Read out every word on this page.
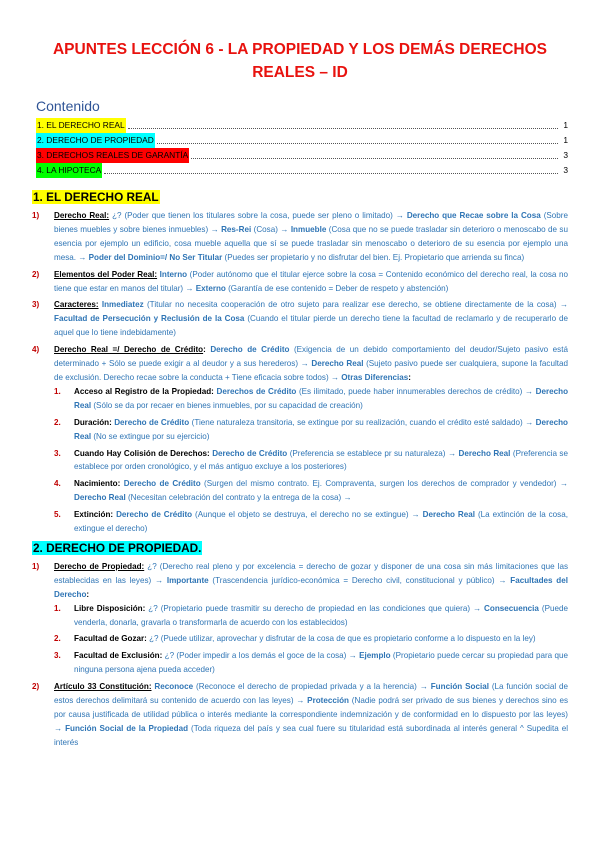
APUNTES LECCIÓN 6 - LA PROPIEDAD Y LOS DEMÁS DERECHOS REALES – ID
Contenido
1. EL DERECHO REAL	1
2. DERECHO DE PROPIEDAD	1
3. DERECHOS REALES DE GARANTÍA	3
4. LA HIPOTECA	3
1. EL DERECHO REAL
1)	Derecho Real: ¿? (Poder que tienen los titulares sobre la cosa, puede ser pleno o limitado) → Derecho que Recae sobre la Cosa (Sobre bienes muebles y sobre bienes inmuebles) → Res-Rei (Cosa) → Inmueble (Cosa que no se puede trasladar sin deterioro o menoscabo de su esencia por ejemplo un edificio, cosa mueble aquella que sí se puede trasladar sin menoscabo o deterioro de su esencia por ejemplo una mesa. → Poder del Dominio=/ No Ser Titular (Puedes ser propietario y no disfrutar del bien. Ej. Propietario que arrienda su finca)
2)	Elementos del Poder Real: Interno (Poder autónomo que el titular ejerce sobre la cosa = Contenido económico del derecho real, la cosa no tiene que estar en manos del titular) → Externo (Garantía de ese contenido = Deber de respeto y abstención)
3)	Caracteres: Inmediatez (Titular no necesita cooperación de otro sujeto para realizar ese derecho, se obtiene directamente de la cosa) → Facultad de Persecución y Reclusión de la Cosa (Cuando el titular pierde un derecho tiene la facultad de reclamarlo y de recuperarlo de aquel que lo tiene indebidamente)
4)	Derecho Real =/ Derecho de Crédito: Derecho de Crédito (Exigencia de un debido comportamiento del deudor/Sujeto pasivo está determinado + Sólo se puede exigir a al deudor y a sus herederos) → Derecho Real (Sujeto pasivo puede ser cualquiera, supone la facultad de exclusión. Derecho recae sobre la conducta + Tiene eficacia sobre todos) → Otras Diferencias:
1.	Acceso al Registro de la Propiedad: Derechos de Crédito (Es ilimitado, puede haber innumerables derechos de crédito) → Derecho Real (Sólo se da por recaer en bienes inmuebles, por su capacidad de creación)
2.	Duración: Derecho de Crédito (Tiene naturaleza transitoria, se extingue por su realización, cuando el crédito esté saldado) → Derecho Real (No se extingue por su ejercicio)
3.	Cuando Hay Colisión de Derechos: Derecho de Crédito (Preferencia se establece pr su naturaleza) → Derecho Real (Preferencia se establece por orden cronológico, y el más antiguo excluye a los posteriores)
4.	Nacimiento: Derecho de Crédito (Surgen del mismo contrato. Ej. Compraventa, surgen los derechos de comprador y vendedor) → Derecho Real (Necesitan celebración del contrato y la entrega de la cosa) →
5.	Extinción: Derecho de Crédito (Aunque el objeto se destruya, el derecho no se extingue) → Derecho Real (La extinción de la cosa, extingue el derecho)
2. DERECHO DE PROPIEDAD.
1)	Derecho de Propiedad: ¿? (Derecho real pleno y por excelencia = derecho de gozar y disponer de una cosa sin más limitaciones que las establecidas en las leyes) → Importante (Trascendencia jurídico-económica = Derecho civil, constitucional y público) → Facultades del Derecho:
1.	Libre Disposición: ¿? (Propietario puede trasmitir su derecho de propiedad en las condiciones que quiera) → Consecuencia (Puede venderla, donarla, gravarla o transformarla de acuerdo con los establecidos)
2.	Facultad de Gozar: ¿? (Puede utilizar, aprovechar y disfrutar de la cosa de que es propietario conforme a lo dispuesto en la ley)
3.	Facultad de Exclusión: ¿? (Poder impedir a los demás el goce de la cosa) → Ejemplo (Propietario puede cercar su propiedad para que ninguna persona ajena pueda acceder)
2)	Artículo 33 Constitución: Reconoce (Reconoce el derecho de propiedad privada y a la herencia) → Función Social (La función social de estos derechos delimitará su contenido de acuerdo con las leyes) → Protección (Nadie podrá ser privado de sus bienes y derechos sino es por causa justificada de utilidad pública o interés mediante la correspondiente indemnización y de conformidad en lo dispuesto por las leyes) → Función Social de la Propiedad (Toda riqueza del país y sea cual fuere su titularidad está subordinada al interés general ^ Supedita el interés
